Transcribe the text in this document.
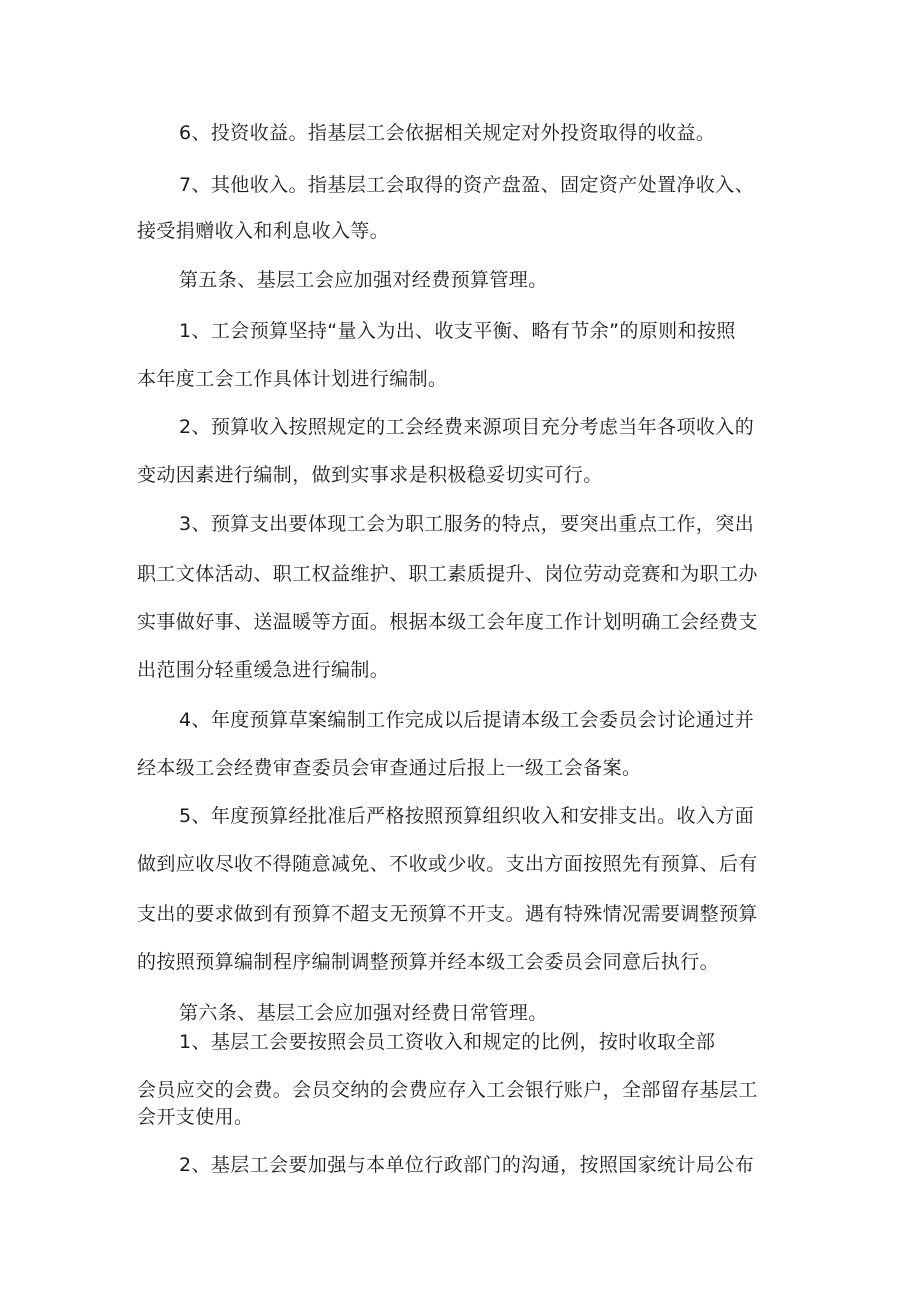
6、投资收益。指基层工会依据相关规定对外投资取得的收益。
7、其他收入。指基层工会取得的资产盘盈、固定资产处置净收入、
接受捐赠收入和利息收入等。
第五条、基层工会应加强对经费预算管理。
1、工会预算坚持“量入为出、收支平衡、略有节余”的原则和按照
本年度工会工作具体计划进行编制。
2、预算收入按照规定的工会经费来源项目充分考虑当年各项收入的
变动因素进行编制，做到实事求是积极稳妥切实可行。
3、预算支出要体现工会为职工服务的特点，要突出重点工作，突出
职工文体活动、职工权益维护、职工素质提升、岗位劳动竞赛和为职工办
实事做好事、送温暖等方面。根据本级工会年度工作计划明确工会经费支
出范围分轻重缓急进行编制。
4、年度预算草案编制工作完成以后提请本级工会委员会讨论通过并
经本级工会经费审查委员会审查通过后报上一级工会备案。
5、年度预算经批准后严格按照预算组织收入和安排支出。收入方面
做到应收尽收不得随意减免、不收或少收。支出方面按照先有预算、后有
支出的要求做到有预算不超支无预算不开支。遇有特殊情况需要调整预算
的按照预算编制程序编制调整预算并经本级工会委员会同意后执行。
第六条、基层工会应加强对经费日常管理。
1、基层工会要按照会员工资收入和规定的比例，按时收取全部
会员应交的会费。会员交纳的会费应存入工会银行账户，全部留存基层工
会开支使用。
2、基层工会要加强与本单位行政部门的沟通，按照国家统计局公布
